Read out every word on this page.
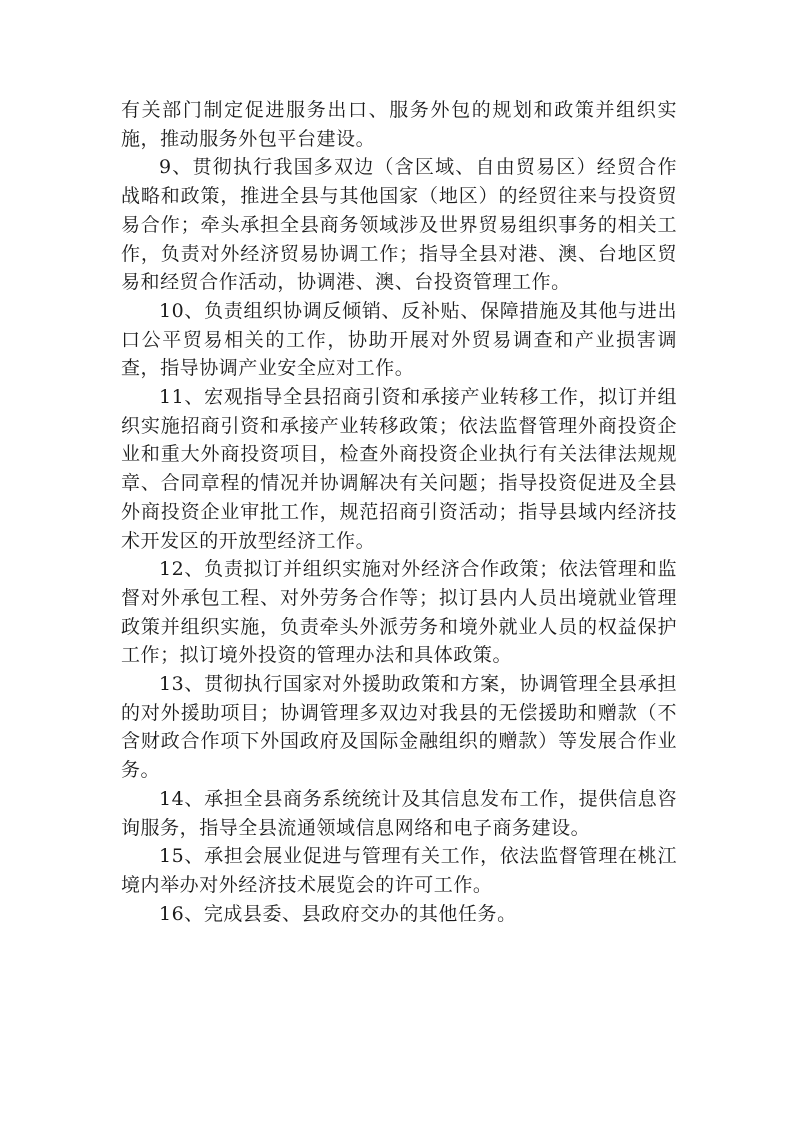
有关部门制定促进服务出口、服务外包的规划和政策并组织实施，推动服务外包平台建设。

9、贯彻执行我国多双边（含区域、自由贸易区）经贸合作战略和政策，推进全县与其他国家（地区）的经贸往来与投资贸易合作；牵头承担全县商务领域涉及世界贸易组织事务的相关工作，负责对外经济贸易协调工作；指导全县对港、澳、台地区贸易和经贸合作活动，协调港、澳、台投资管理工作。

10、负责组织协调反倾销、反补贴、保障措施及其他与进出口公平贸易相关的工作，协助开展对外贸易调查和产业损害调查，指导协调产业安全应对工作。

11、宏观指导全县招商引资和承接产业转移工作，拟订并组织实施招商引资和承接产业转移政策；依法监督管理外商投资企业和重大外商投资项目，检查外商投资企业执行有关法律法规规章、合同章程的情况并协调解决有关问题；指导投资促进及全县外商投资企业审批工作，规范招商引资活动；指导县域内经济技术开发区的开放型经济工作。

12、负责拟订并组织实施对外经济合作政策；依法管理和监督对外承包工程、对外劳务合作等；拟订县内人员出境就业管理政策并组织实施，负责牵头外派劳务和境外就业人员的权益保护工作；拟订境外投资的管理办法和具体政策。

13、贯彻执行国家对外援助政策和方案，协调管理全县承担的对外援助项目；协调管理多双边对我县的无偿援助和赠款（不含财政合作项下外国政府及国际金融组织的赠款）等发展合作业务。

14、承担全县商务系统统计及其信息发布工作，提供信息咨询服务，指导全县流通领域信息网络和电子商务建设。

15、承担会展业促进与管理有关工作，依法监督管理在桃江境内举办对外经济技术展览会的许可工作。

16、完成县委、县政府交办的其他任务。
